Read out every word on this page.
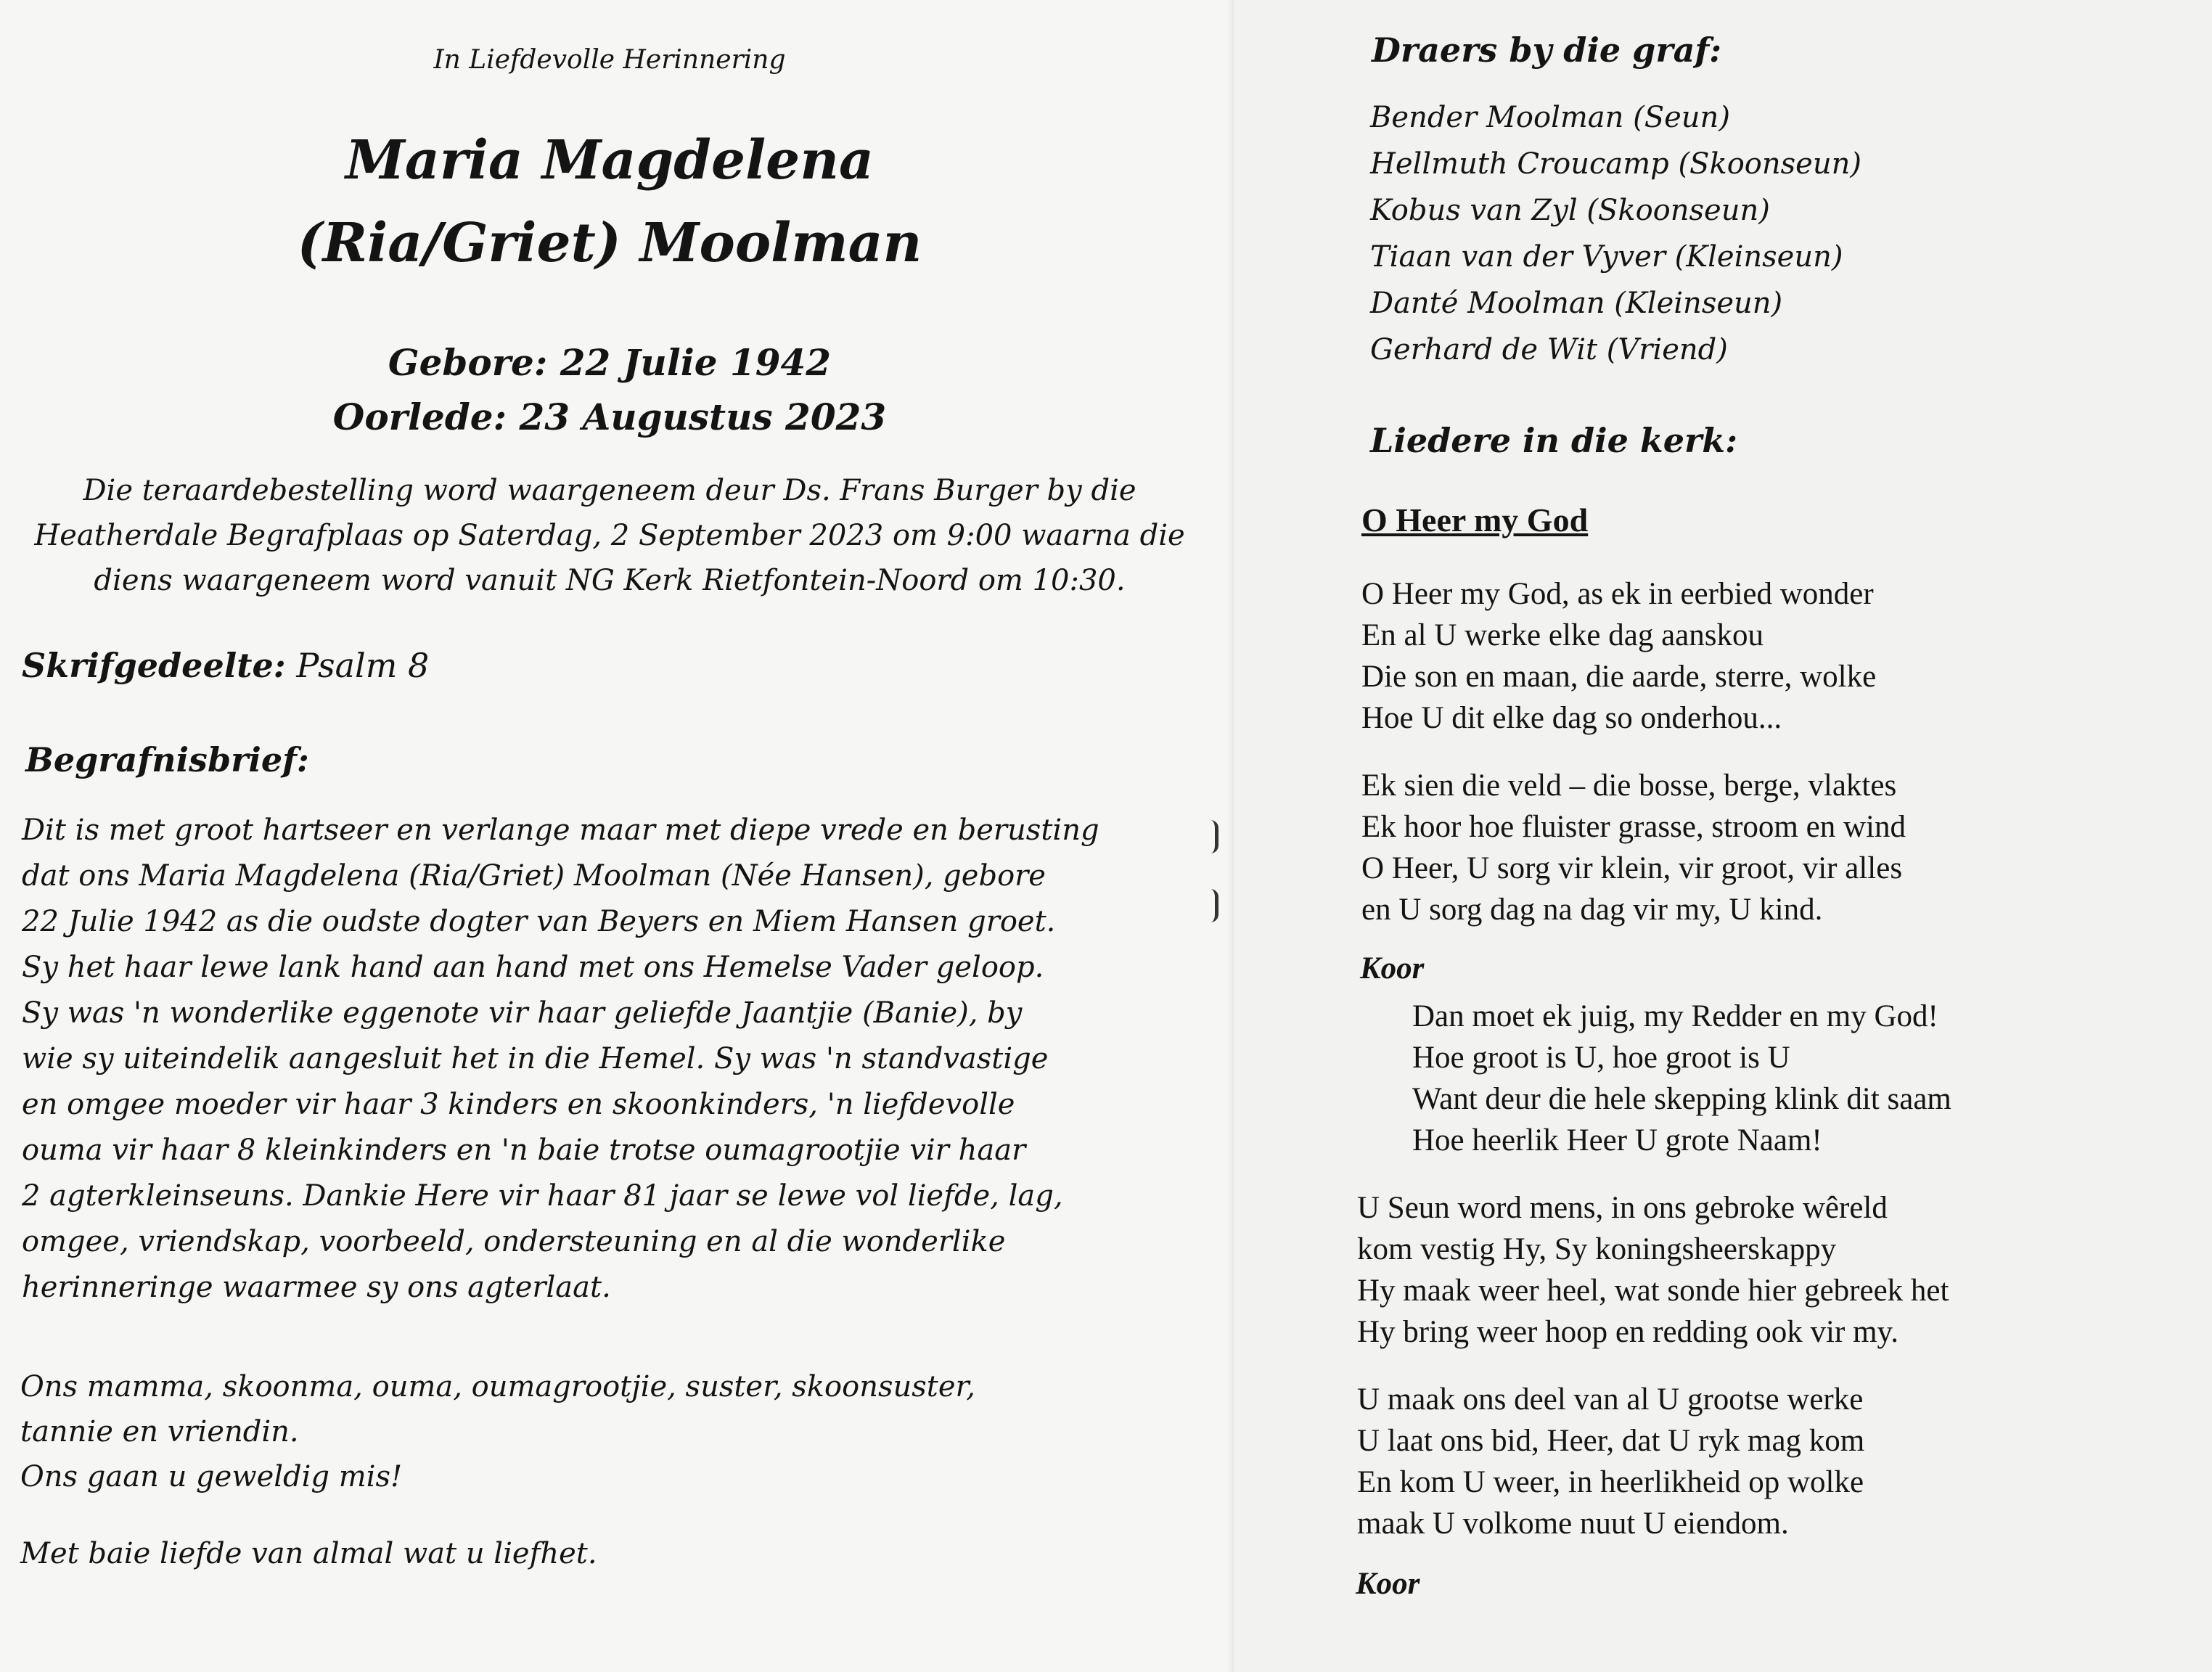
In Liefdevolle Herinnering
Maria Magdelena
(Ria/Griet) Moolman
Gebore: 22 Julie 1942
Oorlede: 23 Augustus 2023
Die teraardebestelling word waargeneem deur Ds. Frans Burger by die
Heatherdale Begrafplaas op Saterdag, 2 September 2023 om 9:00 waarna die
diens waargeneem word vanuit NG Kerk Rietfontein-Noord om 10:30.
Skrifgedeelte: Psalm 8
Begrafnisbrief:
Dit is met groot hartseer en verlange maar met diepe vrede en berusting
dat ons Maria Magdelena (Ria/Griet) Moolman (Née Hansen), gebore
22 Julie 1942 as die oudste dogter van Beyers en Miem Hansen groet.
Sy het haar lewe lank hand aan hand met ons Hemelse Vader geloop.
Sy was 'n wonderlike eggenote vir haar geliefde Jaantjie (Banie), by
wie sy uiteindelik aangesluit het in die Hemel. Sy was 'n standvastige
en omgee moeder vir haar 3 kinders en skoonkinders, 'n liefdevolle
ouma vir haar 8 kleinkinders en 'n baie trotse oumagrootjie vir haar
2 agterkleinseuns. Dankie Here vir haar 81 jaar se lewe vol liefde, lag,
omgee, vriendskap, voorbeeld, ondersteuning en al die wonderlike
herinneringe waarmee sy ons agterlaat.
Ons mamma, skoonma, ouma, oumagrootjie, suster, skoonsuster,
tannie en vriendin.
Ons gaan u geweldig mis!
Met baie liefde van almal wat u liefhet.
Draers by die graf:
Bender Moolman (Seun)
Hellmuth Croucamp (Skoonseun)
Kobus van Zyl (Skoonseun)
Tiaan van der Vyver (Kleinseun)
Danté Moolman (Kleinseun)
Gerhard de Wit (Vriend)
Liedere in die kerk:
O Heer my God
O Heer my God, as ek in eerbied wonder
En al U werke elke dag aanskou
Die son en maan, die aarde, sterre, wolke
Hoe U dit elke dag so onderhou...
Ek sien die veld – die bosse, berge, vlaktes
Ek hoor hoe fluister grasse, stroom en wind
O Heer, U sorg vir klein, vir groot, vir alles
en U sorg dag na dag vir my, U kind.
Koor
Dan moet ek juig, my Redder en my God!
Hoe groot is U, hoe groot is U
Want deur die hele skepping klink dit saam
Hoe heerlik Heer U grote Naam!
U Seun word mens, in ons gebroke wêreld
kom vestig Hy, Sy koningsheerskappy
Hy maak weer heel, wat sonde hier gebreek het
Hy bring weer hoop en redding ook vir my.
U maak ons deel van al U grootse werke
U laat ons bid, Heer, dat U ryk mag kom
En kom U weer, in heerlikheid op wolke
maak U volkome nuut U eiendom.
Koor
